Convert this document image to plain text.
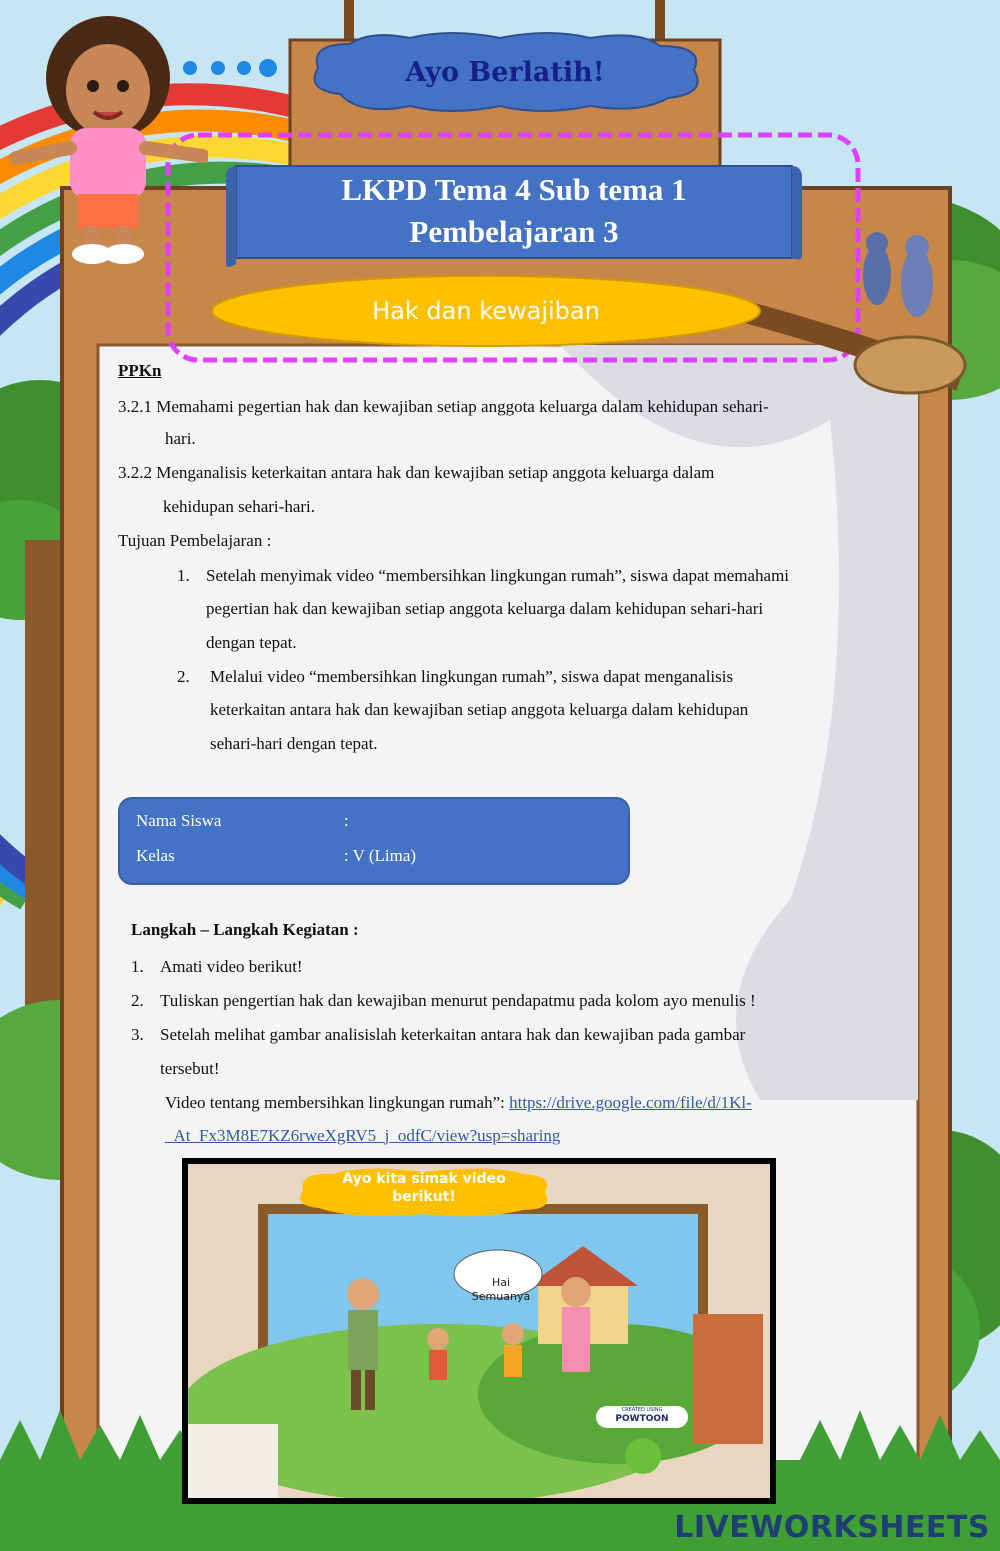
Ayo Berlatih!
LKPD Tema 4 Sub tema 1
Pembelajaran 3
Hak dan kewajiban
PPKn
3.2.1 Memahami pegertian hak dan kewajiban setiap anggota keluarga dalam kehidupan sehari-
hari.
3.2.2 Menganalisis keterkaitan antara hak dan kewajiban setiap anggota keluarga dalam
kehidupan sehari-hari.
Tujuan Pembelajaran :
1. Setelah menyimak video “membersihkan lingkungan rumah”, siswa dapat memahami
pegertian hak dan kewajiban setiap anggota keluarga dalam kehidupan sehari-hari
dengan tepat.
2. Melalui video “membersihkan lingkungan rumah”, siswa dapat menganalisis
keterkaitan antara hak dan kewajiban setiap anggota keluarga dalam kehidupan
sehari-hari dengan tepat.
Nama Siswa	:
Kelas	: V (Lima)
Langkah – Langkah Kegiatan :
1. Amati video berikut!
2. Tuliskan pengertian hak dan kewajiban menurut pendapatmu pada kolom ayo menulis !
3. Setelah melihat gambar analisislah keterkaitan antara hak dan kewajiban pada gambar
tersebut!
Video tentang membersihkan lingkungan rumah”: https://drive.google.com/file/d/1Kl-
_At_Fx3M8E7KZ6rweXgRV5_j_odfC/view?usp=sharing
Ayo kita simak video
berikut!
Hai Semuanya
CREATED USING
POWTOON
LIVEWORKSHEETS
